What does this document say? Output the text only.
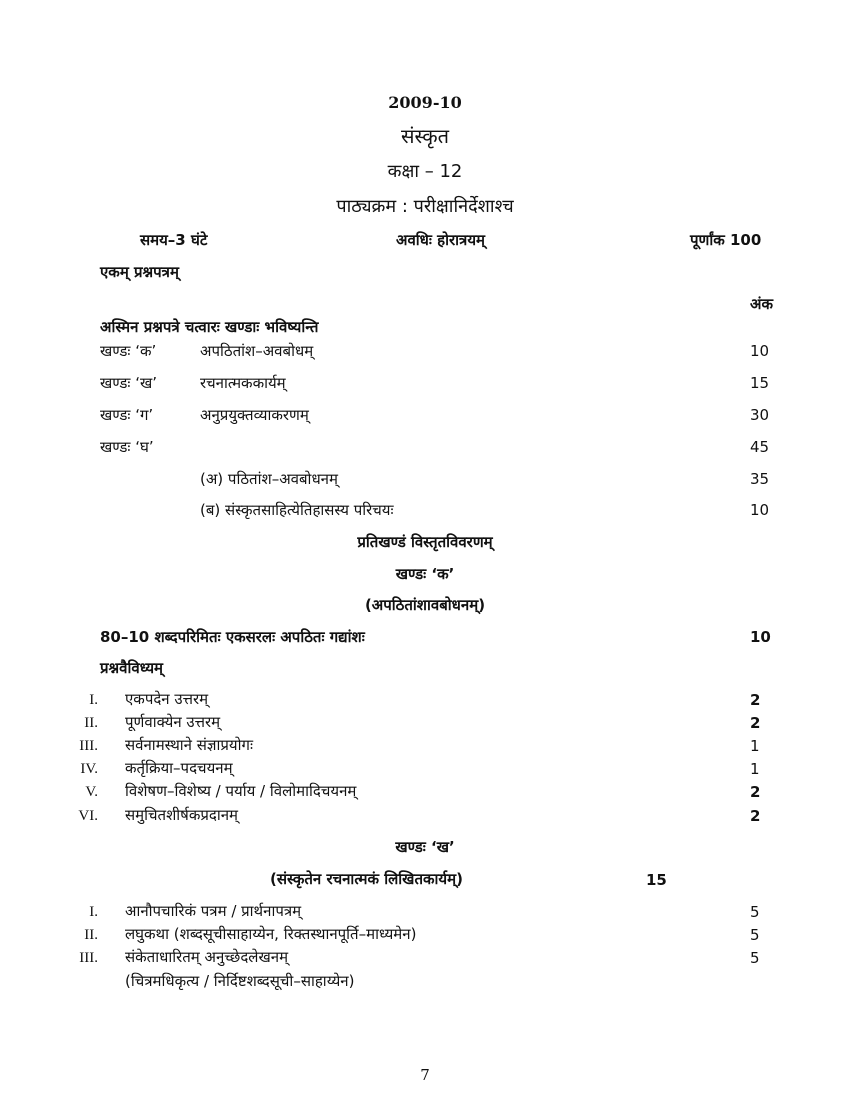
2009-10
संस्कृत
कक्षा – 12
पाठ्यक्रम : परीक्षानिर्देशाश्च
समय–3 घंटे	अवधिः होरात्रयम्	पूर्णांक 100
एकम् प्रश्नपत्रम्
अंक
अस्मिन प्रश्नपत्रे चत्वारः खण्डाः भविष्यन्ति
खण्डः ‘क’	अपठितांश–अवबोधम्	10
खण्डः ‘ख’	रचनात्मककार्यम्	15
खण्डः ‘ग’	अनुप्रयुक्तव्याकरणम्	30
खण्डः ‘घ’	45
(अ) पठितांश–अवबोधनम्	35
(ब) संस्कृतसाहित्येतिहासस्य परिचयः	10
प्रतिखण्डं विस्तृतविवरणम्
खण्डः ‘क’
(अपठितांशावबोधनम्)
80–10 शब्दपरिमितः एकसरलः अपठितः गद्यांशः	10
प्रश्नवैविध्यम्
I. एकपदेन उत्तरम्	2
II. पूर्णवाक्येन उत्तरम्	2
III. सर्वनामस्थाने संज्ञाप्रयोगः	1
IV. कर्तृक्रिया–पदचयनम्	1
V. विशेषण–विशेष्य / पर्याय / विलोमादिचयनम्	2
VI. समुचितशीर्षकप्रदानम्	2
खण्डः ‘ख’
(संस्कृतेन रचनात्मकं लिखितकार्यम्)	15
I. आनौपचारिकं पत्रम / प्रार्थनापत्रम्	5
II. लघुकथा (शब्दसूचीसाहाय्येन, रिक्तस्थानपूर्ति–माध्यमेन)	5
III. संकेताधारितम् अनुच्छेदलेखनम्	5
(चित्रमधिकृत्य / निर्दिष्टशब्दसूची–साहाय्येन)
7
